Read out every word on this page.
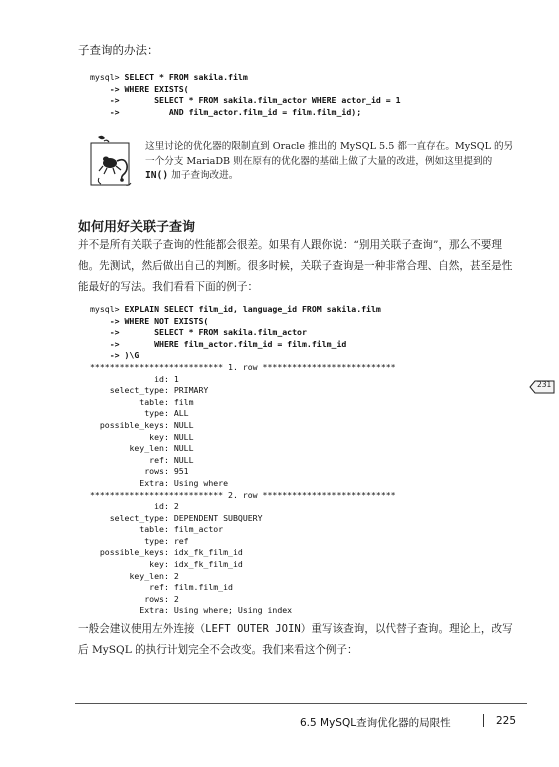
子查询的办法：
mysql> SELECT * FROM sakila.film
-> WHERE EXISTS(
->	SELECT * FROM sakila.film_actor WHERE actor_id = 1
->	AND film_actor.film_id = film.film_id);
这里讨论的优化器的限制直到 Oracle 推出的 MySQL 5.5 都一直存在。MySQL 的另
一个分支 MariaDB 则在原有的优化器的基础上做了大量的改进，例如这里提到的
IN() 加子查询改进。
如何用好关联子查询
并不是所有关联子查询的性能都会很差。如果有人跟你说：“别用关联子查询”，那么不要理他。先测试，然后做出自己的判断。很多时候，关联子查询是一种非常合理、自然，甚至是性能最好的写法。我们看看下面的例子：
mysql> EXPLAIN SELECT film_id, language_id FROM sakila.film
-> WHERE NOT EXISTS(
->	SELECT * FROM sakila.film_actor
->	WHERE film_actor.film_id = film.film_id
-> )\G
*************************** 1. row ***************************
id: 1
select_type: PRIMARY
table: film
type: ALL
possible_keys: NULL
key: NULL
key_len: NULL
ref: NULL
rows: 951
Extra: Using where
*************************** 2. row ***************************
id: 2
select_type: DEPENDENT SUBQUERY
table: film_actor
type: ref
possible_keys: idx_fk_film_id
key: idx_fk_film_id
key_len: 2
ref: film.film_id
rows: 2
Extra: Using where; Using index

231
一般会建议使用左外连接（LEFT OUTER JOIN）重写该查询，以代替子查询。理论上，改写后 MySQL 的执行计划完全不会改变。我们来看这个例子：
6.5 MySQL查询优化器的局限性	225
